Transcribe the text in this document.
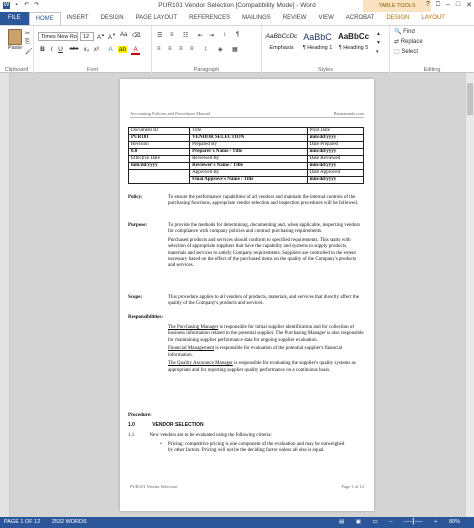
W	▪	↶ ↷	PUR101 Vendor Selection [Compatibility Mode] - Word	TABLE TOOLS	? ⎕ – □ ✕
FILE	HOME	INSERT	DESIGN	PAGE LAYOUT	REFERENCES	MAILINGS	REVIEW	VIEW	ACROBAT	DESIGN	LAYOUT
Paste
✂
⎘
🖌
Clipboard
Times New Ro	12	A▲
A▼ Aa ⌫
B I U	abc x₂ x²	A ab	A
Font
☰ ≡ ☷ ⇤ ⇥ ↕ ¶
≡ ≡ ≡ ≡ ↨ ◈ ▦
Paragraph
AaBbCcDc
Emphasis
AaBbC
¶ Heading 1
AaBbCc
¶ Heading 5
▲
▼
▾
Styles
🔍 Find
⇄ Replace
⬚ Select
Editing
Accounting Policies and Procedures Manual	Bizmanualz.com
Document ID	Title	Print Date
PUR101	VENDOR SELECTION	mm/dd/yyyy
Revision	Prepared By	Date Prepared
0.0	Preparer's Name / Title	mm/dd/yyyy
Effective Date	Reviewed By	Date Reviewed
mm/dd/yyyy	Reviewer's Name / Title	mm/dd/yyyy
	Approved By	Date Approved
	Final Approve's Name / Title	mm/dd/yyyy
Policy:	To ensure the performance capabilities of all vendors and maintain the internal controls of the purchasing functions, appropriate vendor selection and inspection procedures will be followed.
Purpose:	To provide the methods for determining, documenting and, when applicable, inspecting vendors for compliance with company policies and contract purchasing requirements.

Purchased products and services should conform to specified requirements. This starts with selection of appropriate suppliers that have the capability and systems to supply products, materials and services to satisfy Company requirements. Suppliers are controlled to the extent necessary based on the effect of the purchased items on the quality of the Company's products and services.

Scope:	This procedure applies to all vendors of products, materials, and services that directly affect the quality of the Company's products and services.
Responsibilities:

The Purchasing Manager is responsible for initial supplier identification and for collection of business information related to the potential supplier. The Purchasing Manager is also responsible for maintaining supplier performance data for ongoing supplier evaluation.

Financial Management is responsible for evaluation of the potential supplier's financial information.

The Quality Assurance Manager is responsible for evaluating the supplier's quality systems as appropriate and for reporting supplier quality performance on a continuous basis.

Procedure:
1.0	VENDOR SELECTION
1.1	New vendors are to be evaluated using the following criteria:
• Pricing: competitive pricing is one component of the evaluation and may be outweighed by other factors. Pricing will not be the deciding factor unless all else is equal.
PUR101 Vendor Selection	Page 1 of 12
PAGE 1 OF 12 2532 WORDS	▤ ▣ ▭ – ──┃── + 80%
